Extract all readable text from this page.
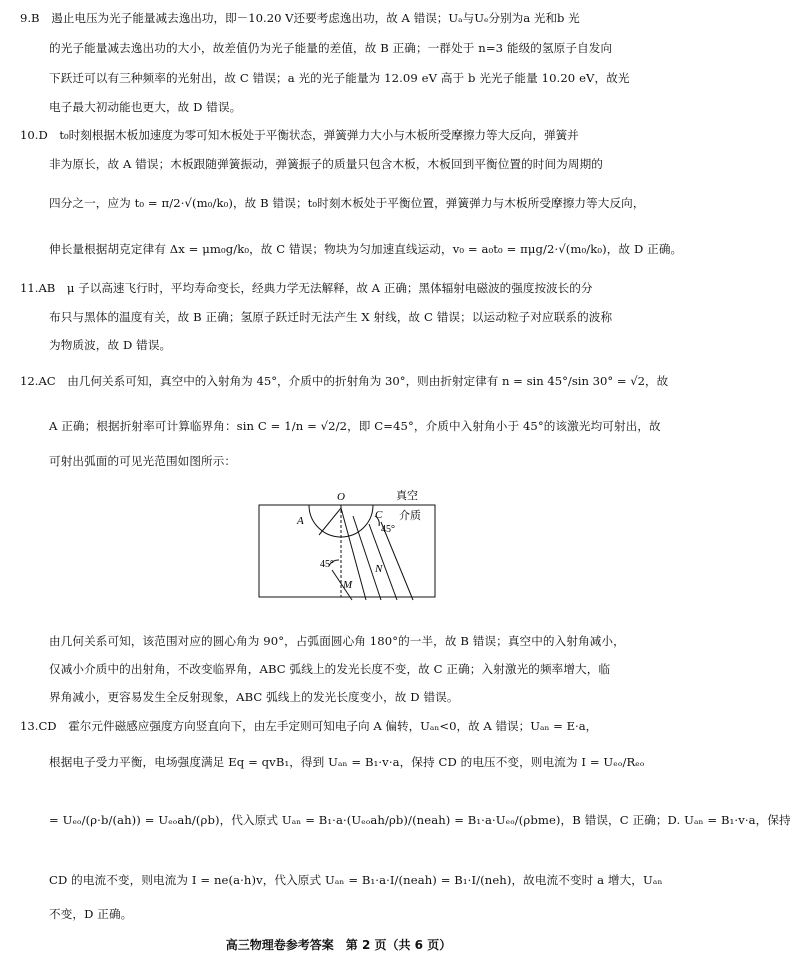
9.B　遏止电压为光子能量减去逸出功，即－10.20 V还要考虑逸出功，故 A 错误；Uₐ与Uₑ分别为a 光和b 光
的光子能量减去逸出功的大小，故差值仍为光子能量的差值，故 B 正确；一群处于 n=3 能级的氢原子自发向
下跃迁可以有三种频率的光射出，故 C 错误；a 光的光子能量为 12.09 eV 高于 b 光光子能量 10.20 eV，故光
电子最大初动能也更大，故 D 错误。
10.D　t₀时刻根据木板加速度为零可知木板处于平衡状态，弹簧弹力大小与木板所受摩擦力等大反向，弹簧并
非为原长，故 A 错误；木板跟随弹簧振动，弹簧振子的质量只包含木板，木板回到平衡位置的时间为周期的
四分之一，应为 t₀ = π/2·√(m₀/k₀)，故 B 错误；t₀时刻木板处于平衡位置，弹簧弹力与木板所受摩擦力等大反向，
伸长量根据胡克定律有 Δx = μm₀g/k₀，故 C 错误；物块为匀加速直线运动，v₀ = a₀t₀ = πμg/2·√(m₀/k₀)，故 D 正确。
11.AB　μ 子以高速飞行时，平均寿命变长，经典力学无法解释，故 A 正确；黑体辐射电磁波的强度按波长的分
布只与黑体的温度有关，故 B 正确；氢原子跃迁时无法产生 X 射线，故 C 错误；以运动粒子对应联系的波称
为物质波，故 D 错误。
12.AC　由几何关系可知，真空中的入射角为 45°，介质中的折射角为 30°，则由折射定律有 n = sin 45°/sin 30° = √2，故
A 正确；根据折射率可计算临界角：sin C = 1/n = √2/2，即 C=45°，介质中入射角小于 45°的该激光均可射出，故
可射出弧面的可见光范围如图所示：
O
A	C
真空
介质
45°
45°	N
M
由几何关系可知，该范围对应的圆心角为 90°，占弧面圆心角 180°的一半，故 B 错误；真空中的入射角减小，
仅减小介质中的出射角，不改变临界角，ABC 弧线上的发光长度不变，故 C 正确；入射激光的频率增大，临
界角减小，更容易发生全反射现象，ABC 弧线上的发光长度变小，故 D 错误。
13.CD　霍尔元件磁感应强度方向竖直向下，由左手定则可知电子向 A 偏转，Uₐₙ<0，故 A 错误；Uₐₙ = E·a，
根据电子受力平衡，电场强度满足 Eq = qvB₁，得到 Uₐₙ = B₁·v·a，保持 CD 的电压不变，则电流为 I = Uₑₒ/Rₑₒ
= Uₑₒ/(ρ·b/(ah)) = Uₑₒah/(ρb)，代入原式 Uₐₙ = B₁·a·(Uₑₒah/ρb)/(neah) = B₁·a·Uₑₒ/(ρbme)，B 错误，C 正确；D. Uₐₙ = B₁·v·a，保持
CD 的电流不变，则电流为 I = ne(a·h)v，代入原式 Uₐₙ = B₁·a·I/(neah) = B₁·I/(neh)，故电流不变时 a 增大，Uₐₙ
不变，D 正确。
高三物理卷参考答案　第 2 页（共 6 页）
